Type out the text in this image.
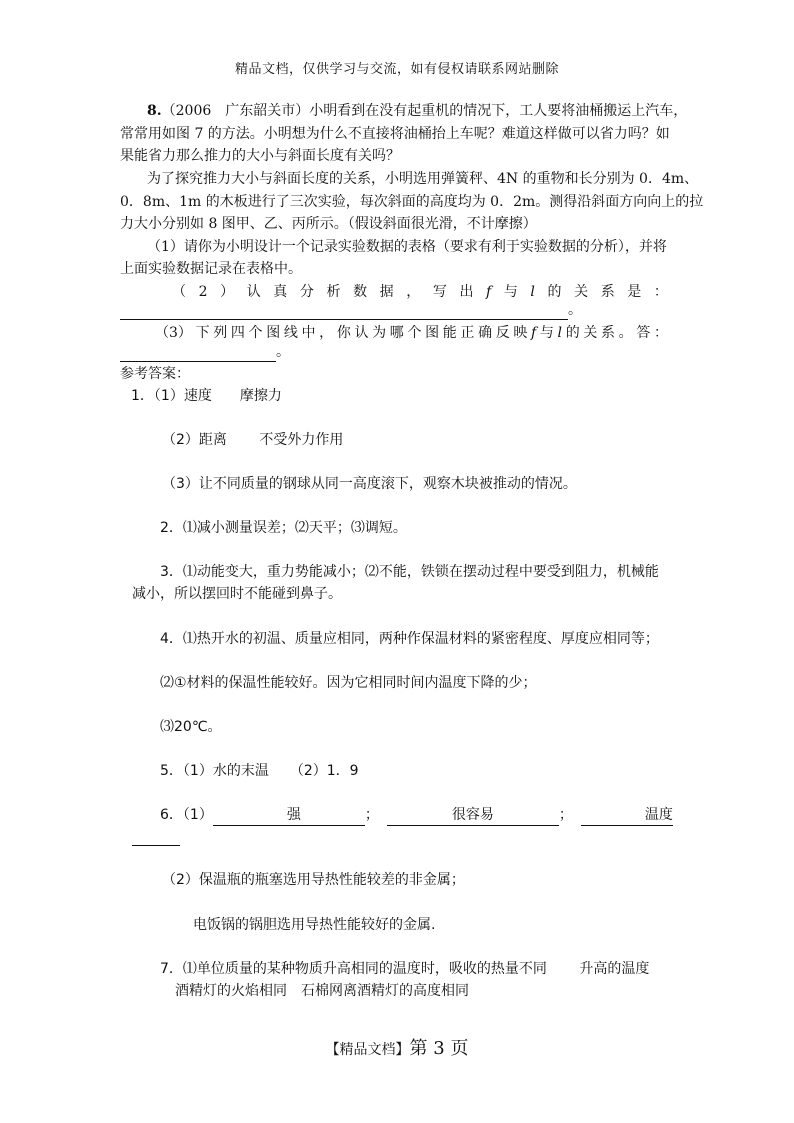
精品文档，仅供学习与交流，如有侵权请联系网站删除
8.（2006　广东韶关市）小明看到在没有起重机的情况下，工人要将油桶搬运上汽车，
常常用如图 7 的方法。小明想为什么不直接将油桶抬上车呢？难道这样做可以省力吗？如
果能省力那么推力的大小与斜面长度有关吗？
为了探究推力大小与斜面长度的关系，小明选用弹簧秤、4N 的重物和长分别为 0．4m、
0．8m、1m 的木板进行了三次实验，每次斜面的高度均为 0．2m。测得沿斜面方向向上的拉
力大小分别如 8 图甲、乙、丙所示。（假设斜面很光滑，不计摩擦）
（1）请你为小明设计一个记录实验数据的表格（要求有利于实验数据的分析），并将
上面实验数据记录在表格中。
（ 2 ） 认 真 分 析 数 据 ， 写 出 f 与 l 的 关 系 是 ：
。
（3） 下 列 四 个 图 线 中 ， 你 认 为 哪 个 图 能 正 确 反 映 f 与 l 的 关 系 。 答 ：
。
参考答案：
1．（1）速度　　摩擦力
（2）距离　　 不受外力作用
（3）让不同质量的钢球从同一高度滚下，观察木块被推动的情况。
2．⑴减小测量误差；⑵天平；⑶调短。
3．⑴动能变大，重力势能减小；⑵不能，铁锁在摆动过程中要受到阻力，机械能
减小，所以摆回时不能碰到鼻子。
4．⑴热开水的初温、质量应相同，两种作保温材料的紧密程度、厚度应相同等；
⑵①材料的保温性能较好。因为它相同时间内温度下降的少；
⑶20℃。
5．（1）水的末温　　（2）1．9
6．（1）	强	；	很容易	；	温度
（2）保温瓶的瓶塞选用导热性能较差的非金属；
电饭锅的锅胆选用导热性能较好的金属.
7．⑴单位质量的某种物质升高相同的温度时，吸收的热量不同　　 升高的温度
酒精灯的火焰相同　石棉网离酒精灯的高度相同
【精品文档】第 3 页
